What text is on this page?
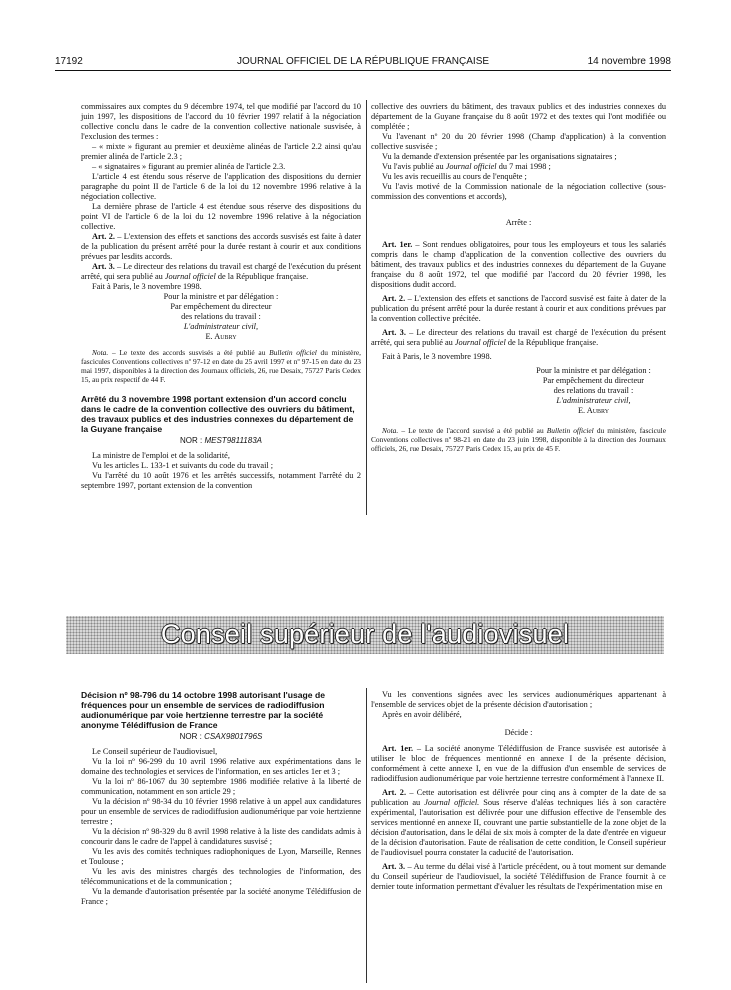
17192	JOURNAL OFFICIEL DE LA RÉPUBLIQUE FRANÇAISE	14 novembre 1998

commissaires aux comptes du 9 décembre 1974, tel que modifié par l'accord du 10 juin 1997, les dispositions de l'accord du 10 février 1997 relatif à la négociation collective conclu dans le cadre de la convention collective nationale susvisée, à l'exclusion des termes :

– « mixte » figurant au premier et deuxième alinéas de l'article 2.2 ainsi qu'au premier alinéa de l'article 2.3 ;

– « signataires » figurant au premier alinéa de l'article 2.3.

L'article 4 est étendu sous réserve de l'application des dispositions du dernier paragraphe du point II de l'article 6 de la loi du 12 novembre 1996 relative à la négociation collective.

La dernière phrase de l'article 4 est étendue sous réserve des dispositions du point VI de l'article 6 de la loi du 12 novembre 1996 relative à la négociation collective.

Art. 2. – L'extension des effets et sanctions des accords susvisés est faite à dater de la publication du présent arrêté pour la durée restant à courir et aux conditions prévues par lesdits accords.

Art. 3. – Le directeur des relations du travail est chargé de l'exécution du présent arrêté, qui sera publié au Journal officiel de la République française.

Fait à Paris, le 3 novembre 1998.

Pour la ministre et par délégation :

Par empêchement du directeur

des relations du travail :

L'administrateur civil,

E. Aubry

Nota. – Le texte des accords susvisés a été publié au Bulletin officiel du ministère, fascicules Conventions collectives nº 97-12 en date du 25 avril 1997 et nº 97-15 en date du 23 mai 1997, disponibles à la direction des Journaux officiels, 26, rue Desaix, 75727 Paris Cedex 15, au prix respectif de 44 F.

Arrêté du 3 novembre 1998 portant extension d'un accord conclu dans le cadre de la convention collective des ouvriers du bâtiment, des travaux publics et des industries connexes du département de la Guyane française

NOR : MESТ9811183A

La ministre de l'emploi et de la solidarité,

Vu les articles L. 133-1 et suivants du code du travail ;

Vu l'arrêté du 10 août 1976 et les arrêtés successifs, notamment l'arrêté du 2 septembre 1997, portant extension de la convention

collective des ouvriers du bâtiment, des travaux publics et des industries connexes du département de la Guyane française du 8 août 1972 et des textes qui l'ont modifiée ou complétée ;

Vu l'avenant nº 20 du 20 février 1998 (Champ d'application) à la convention collective susvisée ;

Vu la demande d'extension présentée par les organisations signataires ;

Vu l'avis publié au Journal officiel du 7 mai 1998 ;

Vu les avis recueillis au cours de l'enquête ;

Vu l'avis motivé de la Commission nationale de la négociation collective (sous-commission des conventions et accords),

Arrête :

Art. 1er. – Sont rendues obligatoires, pour tous les employeurs et tous les salariés compris dans le champ d'application de la convention collective des ouvriers du bâtiment, des travaux publics et des industries connexes du département de la Guyane française du 8 août 1972, tel que modifié par l'accord du 20 février 1998, les dispositions dudit accord.

Art. 2. – L'extension des effets et sanctions de l'accord susvisé est faite à dater de la publication du présent arrêté pour la durée restant à courir et aux conditions prévues par la convention collective précitée.

Art. 3. – Le directeur des relations du travail est chargé de l'exécution du présent arrêté, qui sera publié au Journal officiel de la République française.

Fait à Paris, le 3 novembre 1998.

Pour la ministre et par délégation :

Par empêchement du directeur

des relations du travail :

L'administrateur civil,

E. Aubry

Nota. – Le texte de l'accord susvisé a été publié au Bulletin officiel du ministère, fascicule Conventions collectives nº 98-21 en date du 23 juin 1998, disponible à la direction des Journaux officiels, 26, rue Desaix, 75727 Paris Cedex 15, au prix de 45 F.

Conseil supérieur de l'audiovisuel

Décision nº 98-796 du 14 octobre 1998 autorisant l'usage de fréquences pour un ensemble de services de radiodiffusion audionumérique par voie hertzienne terrestre par la société anonyme Télédiffusion de France

NOR : CSAX9801796S

Le Conseil supérieur de l'audiovisuel,

Vu la loi nº 96-299 du 10 avril 1996 relative aux expérimentations dans le domaine des technologies et services de l'information, en ses articles 1er et 3 ;

Vu la loi nº 86-1067 du 30 septembre 1986 modifiée relative à la liberté de communication, notamment en son article 29 ;

Vu la décision nº 98-34 du 10 février 1998 relative à un appel aux candidatures pour un ensemble de services de radiodiffusion audionumérique par voie hertzienne terrestre ;

Vu la décision nº 98-329 du 8 avril 1998 relative à la liste des candidats admis à concourir dans le cadre de l'appel à candidatures susvisé ;

Vu les avis des comités techniques radiophoniques de Lyon, Marseille, Rennes et Toulouse ;

Vu les avis des ministres chargés des technologies de l'information, des télécommunications et de la communication ;

Vu la demande d'autorisation présentée par la société anonyme Télédiffusion de France ;

Vu les conventions signées avec les services audionumériques appartenant à l'ensemble de services objet de la présente décision d'autorisation ;

Après en avoir délibéré,

Décide :

Art. 1er. – La société anonyme Télédiffusion de France susvisée est autorisée à utiliser le bloc de fréquences mentionné en annexe I de la présente décision, conformément à cette annexe I, en vue de la diffusion d'un ensemble de services de radiodiffusion audionumérique par voie hertzienne terrestre conformément à l'annexe II.

Art. 2. – Cette autorisation est délivrée pour cinq ans à compter de la date de sa publication au Journal officiel. Sous réserve d'aléas techniques liés à son caractère expérimental, l'autorisation est délivrée pour une diffusion effective de l'ensemble des services mentionné en annexe II, couvrant une partie substantielle de la zone objet de la décision d'autorisation, dans le délai de six mois à compter de la date d'entrée en vigueur de la décision d'autorisation. Faute de réalisation de cette condition, le Conseil supérieur de l'audiovisuel pourra constater la caducité de l'autorisation.

Art. 3. – Au terme du délai visé à l'article précédent, ou à tout moment sur demande du Conseil supérieur de l'audiovisuel, la société Télédiffusion de France fournit à ce dernier toute information permettant d'évaluer les résultats de l'expérimentation mise en
